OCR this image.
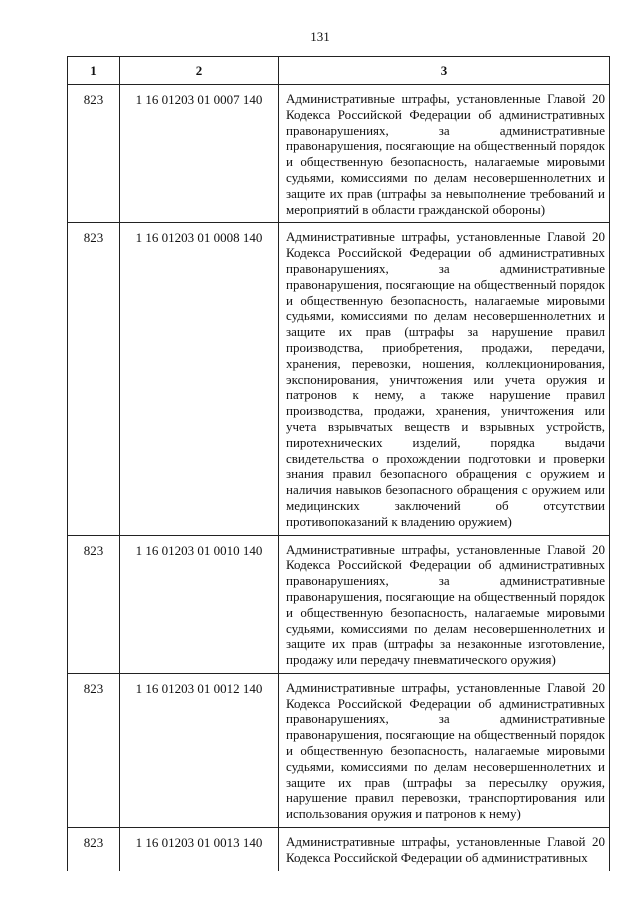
131
1	2	3
823	1 16 01203 01 0007 140	Административные штрафы, установленные Главой 20 Кодекса Российской Федерации об административных правонарушениях, за административные правонарушения, посягающие на общественный порядок и общественную безопасность, налагаемые мировыми судьями, комиссиями по делам несовершеннолетних и защите их прав (штрафы за невыполнение требований и мероприятий в области гражданской обороны)

823	1 16 01203 01 0008 140	Административные штрафы, установленные Главой 20 Кодекса Российской Федерации об административных правонарушениях, за административные правонарушения, посягающие на общественный порядок и общественную безопасность, налагаемые мировыми судьями, комиссиями по делам несовершеннолетних и защите их прав (штрафы за нарушение правил производства, приобретения, продажи, передачи, хранения, перевозки, ношения, коллекционирования, экспонирования, уничтожения или учета оружия и патронов к нему, а также нарушение правил производства, продажи, хранения, уничтожения или учета взрывчатых веществ и взрывных устройств, пиротехнических изделий, порядка выдачи свидетельства о прохождении подготовки и проверки знания правил безопасного обращения с оружием и наличия навыков безопасного обращения с оружием или медицинских заключений об отсутствии противопоказаний к владению оружием)

823	1 16 01203 01 0010 140	Административные штрафы, установленные Главой 20 Кодекса Российской Федерации об административных правонарушениях, за административные правонарушения, посягающие на общественный порядок и общественную безопасность, налагаемые мировыми судьями, комиссиями по делам несовершеннолетних и защите их прав (штрафы за незаконные изготовление, продажу или передачу пневматического оружия)

823	1 16 01203 01 0012 140	Административные штрафы, установленные Главой 20 Кодекса Российской Федерации об административных правонарушениях, за административные правонарушения, посягающие на общественный порядок и общественную безопасность, налагаемые мировыми судьями, комиссиями по делам несовершеннолетних и защите их прав (штрафы за пересылку оружия, нарушение правил перевозки, транспортирования или использования оружия и патронов к нему)

823	1 16 01203 01 0013 140	Административные штрафы, установленные Главой 20 Кодекса Российской Федерации об административных
